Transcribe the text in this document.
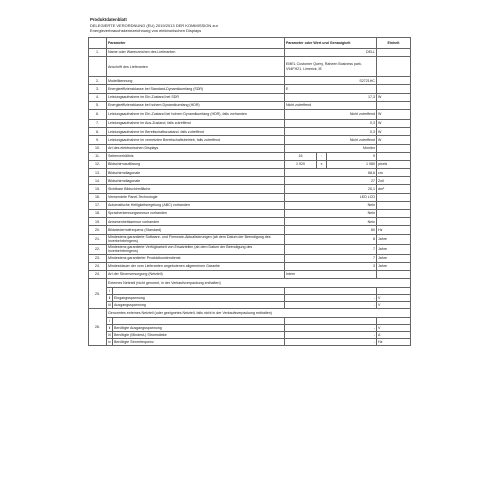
Produktdatenblatt
DELEGIERTE VERORDNUNG (EU) 2019/2013 DER KOMMISSION zur
Energieverbrauchskennzeichnung von elektronischen Displays
	Parameter		Parameter oder Wert und Genauigkeit			Einheit
1.	Name oder Warenzeichen des Lieferanten		DELL			
	Anschrift des Lieferanten		EMEL Customer Query, Raheen Business park, V94FH21, Limerick, IE			
2.	Modellkennung		S2721HC			
3.	Energieeffizienzklasse bei Standard-Dynamikumfang (SDR)		E			
4.	Leistungsaufnahme im Ein-Zustand bei SDR		17,3			W
5.	Energieeffizienzklasse bei hohem Dynamikumfang (HDR)		Nicht zutreffend			
6.	Leistungsaufnahme im Ein-Zustand bei hohem Dynamikumfang (HDR), falls vorhanden		Nicht zutreffend			W
7.	Leistungsaufnahme im Aus-Zustand, falls zutreffend		0,3			W
8.	Leistungsaufnahme im Bereitschaftszustand, falls zutreffend		0,3			W
9.	Leistungsaufnahme im vernetzten Bereitschaftsbetrieb, falls zutreffend		Nicht zutreffend			W
10.	Art des elektronischen Displays		Monitor			
11.	Seitenverhältnis		16	:	9	
12.	Bildschirmauflösung		1 920	x	1 080	pixels
13.	Bildschirmdiagonale		68,6			cm
14.	Bildschirmdiagonale		27			Zoll
15.	Sichtbare Bildschirmfläche		20,1			dm²
16.	Verwendete Panel-Technologie		LED LCD			
17.	Automatische Helligkeitsregelung (ABC) vorhanden		Nein			
18.	Spracherkennungssensor vorhanden		Nein			
19.	Anwesenheitssensor vorhanden		Nein			
20.	Bildwiederholfrequenz (Standard)		60			Hz
21.	Mindestens garantierte Software- und Firmware-Aktualisierungen (ab dem Datum der Beendigung des Inverkehrbringens)		8			Jahre
22.	Mindestens garantierte Verfügbarkeit von Ersatzteilen (ab dem Datum der Beendigung des Inverkehrbringens)		7			Jahre
23.	Mindestens garantierter Produktkundendienst		7			Jahre
24.	Mindestdauer der vom Lieferanten angebotenen allgemeinen Garantie		3			Jahre
24.	Art der Stromversorgung (Netzteil)		Intern			
25.	Externes Netzteil (nicht genormt, in der Verkaufsverpackung enthalten)					
	i					
	ii	Eingangsspannung	-			V
	iii	Ausgangsspannung	-			V
26.	Genormtes externes Netzteil (oder geeignetes Netzteil, falls nicht in der Verkaufsverpackung enthalten)					
	i					
	ii	Benötigte Ausgangsspannung	-			V
	iii	Benötigte (Mindest-) Stromstärke	-			A
	iv	Benötigte Stromfrequenz	-			Hz
